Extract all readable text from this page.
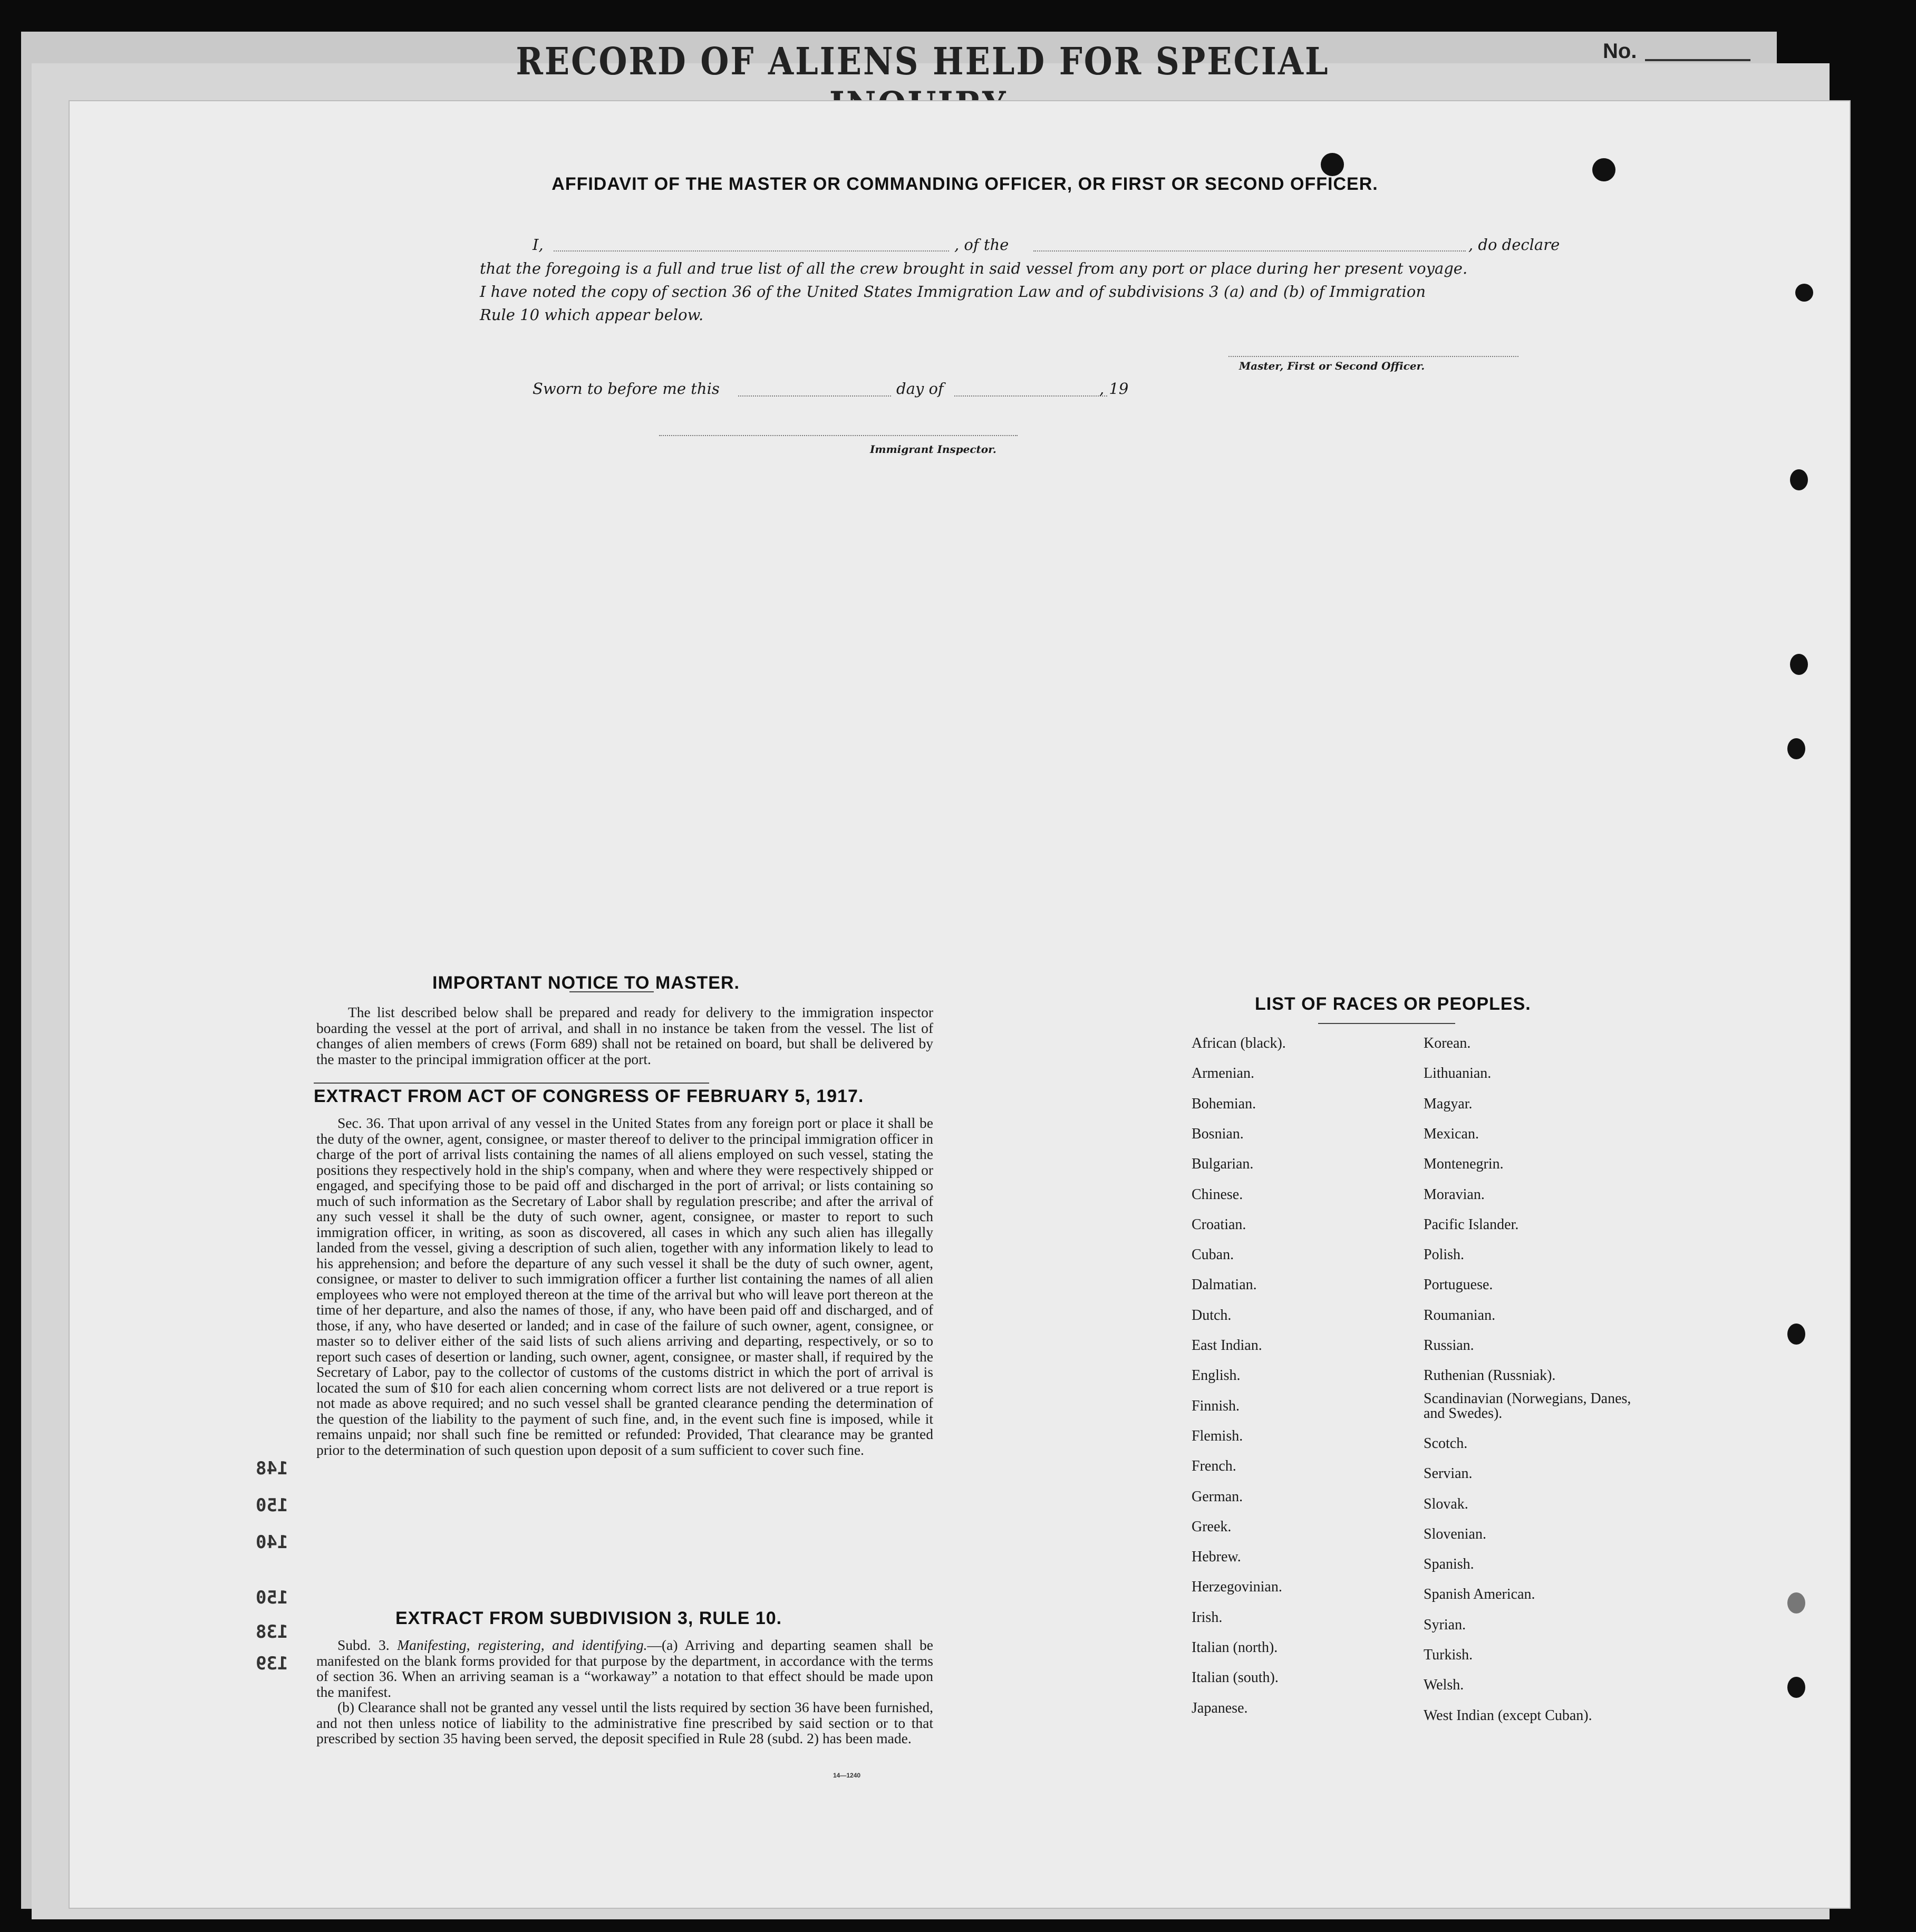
RECORD OF ALIENS HELD FOR SPECIAL	No.
AFFIDAVIT OF THE MASTER OR COMMANDING OFFICER, OR FIRST OR SECOND OFFICER.
I,	, of the	, do declare
that the foregoing is a full and true list of all the crew brought in said vessel from any port or place during her present voyage.
I have noted the copy of section 36 of the United States Immigration Law and of subdivisions 3 (a) and (b) of Immigration
Rule 10 which appear below.
Master, First or Second Officer.
Sworn to before me this	day of	, 19
Immigrant Inspector.
IMPORTANT NOTICE TO MASTER.
The list described below shall be prepared and ready for delivery to the immigration inspector boarding the vessel at the port of arrival, and shall in no instance be taken from the vessel. The list of changes of alien members of crews (Form 689) shall not be retained on board, but shall be delivered by the master to the principal immigration officer at the port.
EXTRACT FROM ACT OF CONGRESS OF FEBRUARY 5, 1917.

Sec. 36. That upon arrival of any vessel in the United States from any foreign port or place it shall be the duty of the owner, agent, consignee, or master thereof to deliver to the principal immigration officer in charge of the port of arrival lists containing the names of all aliens employed on such vessel, stating the positions they respectively hold in the ship's company, when and where they were respectively shipped or engaged, and specifying those to be paid off and discharged in the port of arrival; or lists containing so much of such information as the Secretary of Labor shall by regulation prescribe; and after the arrival of any such vessel it shall be the duty of such owner, agent, consignee, or master to report to such immigration officer, in writing, as soon as discovered, all cases in which any such alien has illegally landed from the vessel, giving a description of such alien, together with any information likely to lead to his apprehension; and before the departure of any such vessel it shall be the duty of such owner, agent, consignee, or master to deliver to such immigration officer a further list containing the names of all alien employees who were not employed thereon at the time of the arrival but who will leave port thereon at the time of her departure, and also the names of those, if any, who have been paid off and discharged, and of those, if any, who have deserted or landed; and in case of the failure of such owner, agent, consignee, or master so to deliver either of the said lists of such aliens arriving and departing, respectively, or so to report such cases of desertion or landing, such owner, agent, consignee, or master shall, if required by the Secretary of Labor, pay to the collector of customs of the customs district in which the port of arrival is located the sum of $10 for each alien concerning whom correct lists are not delivered or a true report is not made as above required; and no such vessel shall be granted clearance pending the determination of the question of the liability to the payment of such fine, and, in the event such fine is imposed, while it remains unpaid; nor shall such fine be remitted or refunded: Provided, That clearance may be granted prior to the determination of such question upon deposit of a sum sufficient to cover such fine.

EXTRACT FROM SUBDIVISION 3, RULE 10.

Subd. 3. Manifesting, registering, and identifying.—(a) Arriving and departing seamen shall be manifested on the blank forms provided for that purpose by the department, in accordance with the terms of section 36. When an arriving seaman is a “workaway” a notation to that effect should be made upon the manifest.

(b) Clearance shall not be granted any vessel until the lists required by section 36 have been furnished, and not then unless notice of liability to the administrative fine prescribed by said section or to that prescribed by section 35 having been served, the deposit specified in Rule 28 (subd. 2) has been made.

14—1240
148
150
140
150
138
139
LIST OF RACES OR PEOPLES.
African (black).
Armenian.
Bohemian.
Bosnian.
Bulgarian.
Chinese.
Croatian.
Cuban.
Dalmatian.
Dutch.
East Indian.
English.
Finnish.
Flemish.
French.
German.
Greek.
Hebrew.
Herzegovinian.
Irish.
Italian (north).
Italian (south).
Japanese.
Korean.
Lithuanian.
Magyar.
Mexican.
Montenegrin.
Moravian.
Pacific Islander.
Polish.
Portuguese.
Roumanian.
Russian.
Ruthenian (Russniak).
Scandinavian (Norwegians, Danes, and Swedes).
Scotch.
Servian.
Slovak.
Slovenian.
Spanish.
Spanish American.
Syrian.
Turkish.
Welsh.
West Indian (except Cuban).
